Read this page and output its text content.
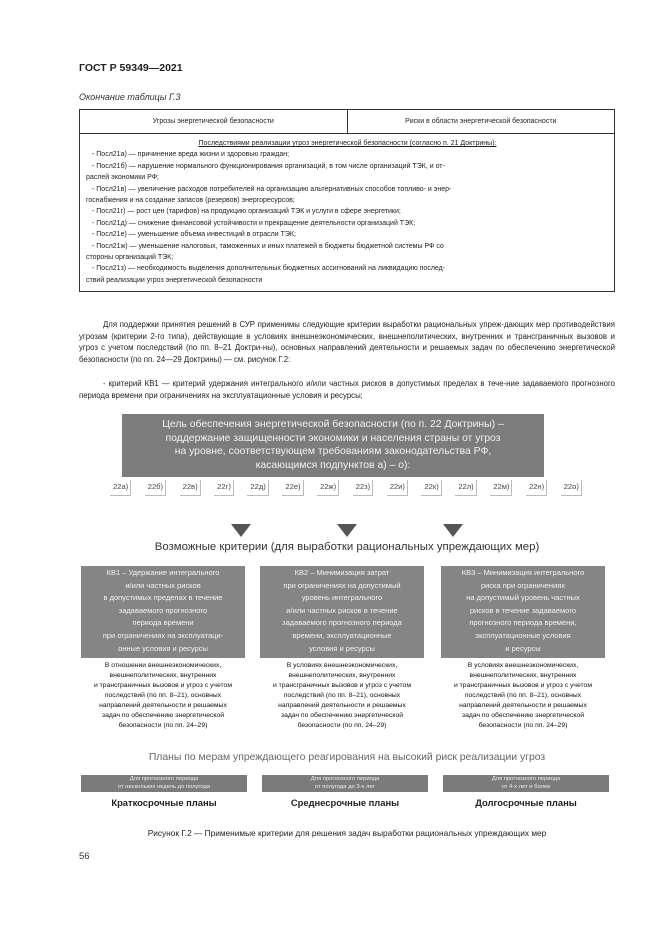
ГОСТ Р 59349—2021
Окончание таблицы Г.3
Угрозы энергетической безопасности	Риски в области энергетической безопасности

Последствиями реализации угроз энергетической безопасности (согласно п. 21 Доктрины):
- Посл21а) — причинение вреда жизни и здоровью граждан;
- Посл21б) — нарушение нормального функционирования организаций, в том числе организаций ТЭК, и от-
раслей экономики РФ;
- Посл21в) — увеличение расходов потребителей на организацию альтернативных способов топливо- и энер-
госнабжения и на создание запасов (резервов) энергоресурсов;
- Посл21г) — рост цен (тарифов) на продукцию организаций ТЭК и услуги в сфере энергетики;
- Посл21д) — снижение финансовой устойчивости и прекращение деятельности организаций ТЭК;
- Посл21е) — уменьшение объема инвестиций в отрасли ТЭК;
- Посл21ж) — уменьшение налоговых, таможенных и иных платежей в бюджеты бюджетной системы РФ со
стороны организаций ТЭК;
- Посл21з) — необходимость выделения дополнительных бюджетных ассигнований на ликвидацию послед-
ствий реализации угроз энергетической безопасности
Для поддержки принятия решений в СУР применимы следующие критерии выработки рациональных упреж-дающих мер противодействия угрозам (критерии 2-го типа), действующие в условиях внешнеэкономических, внешнеполитических, внутренних и трансграничных вызовов и угроз с учетом последствий (по пп. 8–21 Доктри-ны), основных направлений деятельности и решаемых задач по обеспечению энергетической безопасности (по пп. 24—29 Доктрины) — см. рисунок Г.2:
- критерий КВ1 — критерий удержания интегрального и/или частных рисков в допустимых пределах в тече-ние задаваемого прогнозного периода времени при ограничениях на эксплуатационные условия и ресурсы;
Цель обеспечения энергетической безопасности (по п. 22 Доктрины) –
поддержание защищенности экономики и населения страны от угроз
на уровне, соответствующем требованиям законодательства РФ,
касающимся подпунктов а) – о):
22а)	22б)	22в)	22г)	22д)	22е)	22ж)	22з)	22и)	22к)	22л)	22м)	22н)	22о)
Возможные критерии (для выработки рациональных упреждающих мер)
КВ1 – Удержание интегрального
и/или частных рисков
в допустимых пределах в течение
задаваемого прогнозного
периода времени
при ограничениях на эксплуатаци-
онные условия и ресурсы
КВ2 – Минимизация затрат
при ограничениях на допустимый
уровень интегрального
и/или частных рисков в течение
задаваемого прогнозного периода
времени, эксплуатационные
условия и ресурсы
КВ3 – Минимизация интегрального
риска при ограничениях
на допустимый уровень частных
рисков в течение задаваемого
прогнозного периода времени,
эксплуатационные условия
и ресурсы
В отношении внешнеэкономических,
внешнеполитических, внутренних
и трансграничных вызовов и угроз с учетом
последствий (по пп. 8–21), основных
направлений деятельности и решаемых
задач по обеспечению энергетической
безопасности (по пп. 24–29)
В условиях внешнеэкономических,
внешнеполитических, внутренних
и трансграничных вызовов и угроз с учетом
последствий (по пп. 8–21), основных
направлений деятельности и решаемых
задач по обеспечению энергетической
безопасности (по пп. 24–29)
В условиях внешнеэкономических,
внешнеполитических, внутренних
и трансграничных вызовов и угроз с учетом
последствий (по пп. 8–21), основных
направлений деятельности и решаемых
задач по обеспечению энергетической
безопасности (по пп. 24–29)
Планы по мерам упреждающего реагирования на высокий риск реализации угроз
Для прогнозного периода
от нескольких недель до полугода
Для прогнозного периода
от полугода до 3-х лет
Для прогнозного периода
от 4-х лет и более
Краткосрочные планы	Среднесрочные планы	Долгосрочные планы
Рисунок Г.2 — Применимые критерии для решения задач выработки рациональных упреждающих мер
56
